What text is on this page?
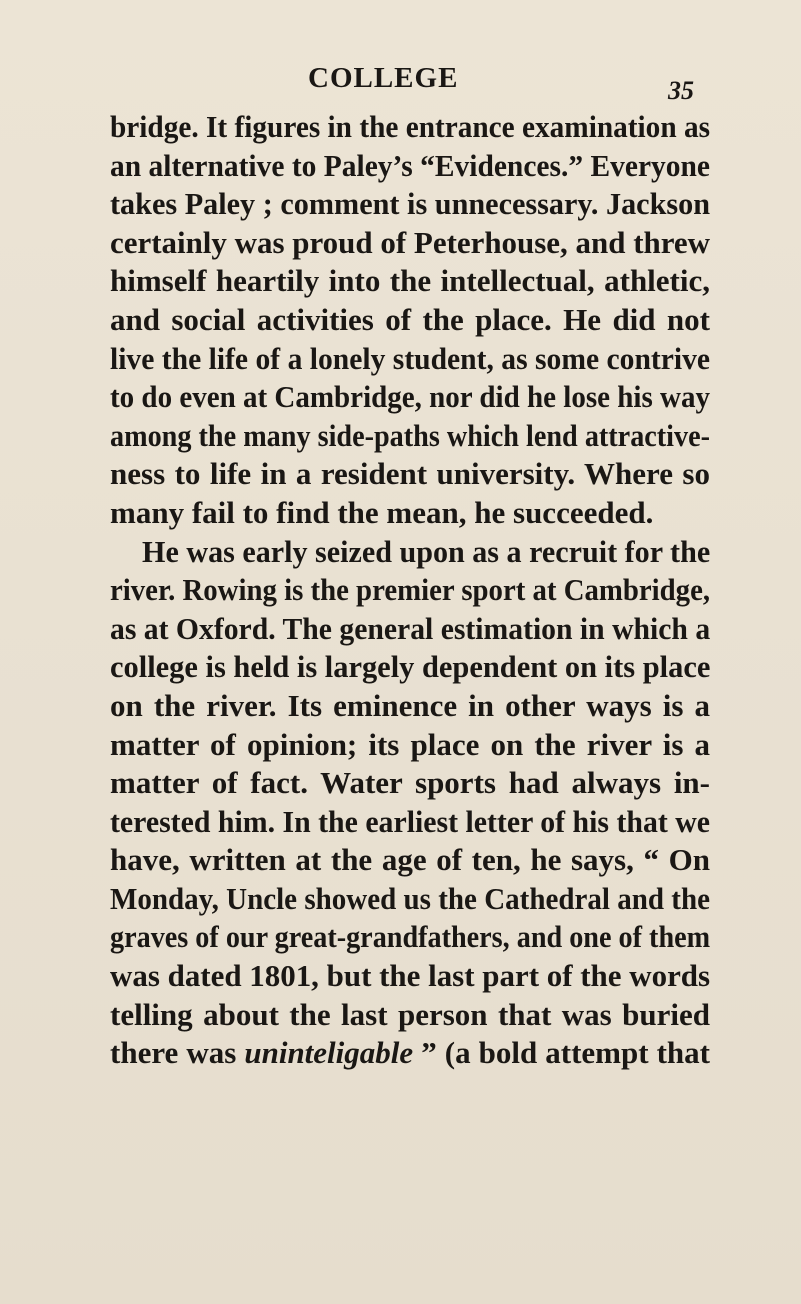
COLLEGE	35
bridge. It figures in the entrance examination as
an alternative to Paley’s “Evidences.” Everyone
takes Paley ; comment is unnecessary. Jackson
certainly was proud of Peterhouse, and threw
himself heartily into the intellectual, athletic,
and social activities of the place. He did not
live the life of a lonely student, as some contrive
to do even at Cambridge, nor did he lose his way
among the many side-paths which lend attractive-
ness to life in a resident university. Where so
many fail to find the mean, he succeeded.
He was early seized upon as a recruit for the
river. Rowing is the premier sport at Cambridge,
as at Oxford. The general estimation in which a
college is held is largely dependent on its place
on the river. Its eminence in other ways is a
matter of opinion; its place on the river is a
matter of fact. Water sports had always in-
terested him. In the earliest letter of his that we
have, written at the age of ten, he says, “ On
Monday, Uncle showed us the Cathedral and the
graves of our great-grandfathers, and one of them
was dated 1801, but the last part of the words
telling about the last person that was buried
there was uninteligable ” (a bold attempt that
